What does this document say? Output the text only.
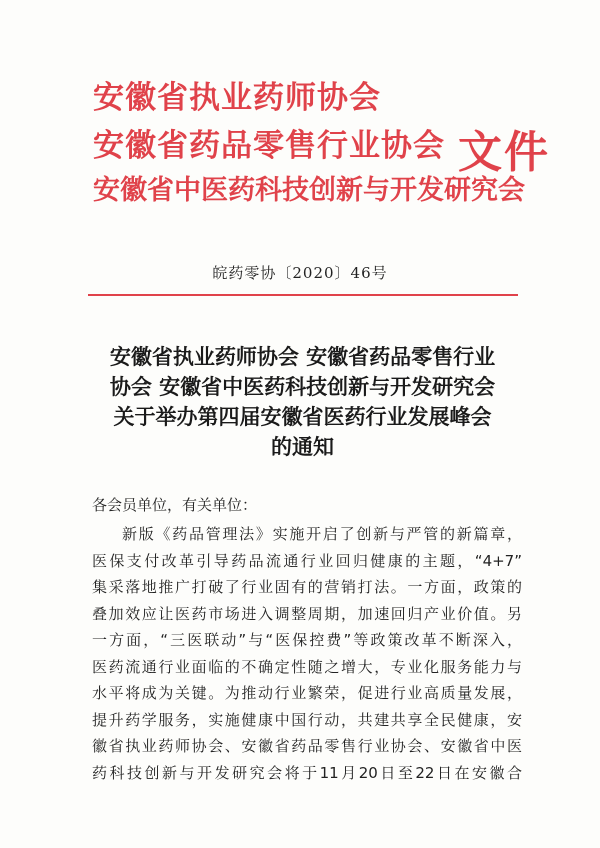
安徽省执业药师协会
安徽省药品零售行业协会
安徽省中医药科技创新与开发研究会
文件
皖药零协〔2020〕46号
安徽省执业药师协会 安徽省药品零售行业
协会 安徽省中医药科技创新与开发研究会
关于举办第四届安徽省医药行业发展峰会
的通知
各会员单位，有关单位：
新版《药品管理法》实施开启了创新与严管的新篇章，
医保支付改革引导药品流通行业回归健康的主题，“4+7”
集采落地推广打破了行业固有的营销打法。一方面，政策的
叠加效应让医药市场进入调整周期，加速回归产业价值。另
一方面，“三医联动”与“医保控费”等政策改革不断深入，
医药流通行业面临的不确定性随之增大，专业化服务能力与
水平将成为关键。为推动行业繁荣，促进行业高质量发展，
提升药学服务，实施健康中国行动，共建共享全民健康，安
徽省执业药师协会、安徽省药品零售行业协会、安徽省中医
药科技创新与开发研究会将于11月20日至22日在安徽合
